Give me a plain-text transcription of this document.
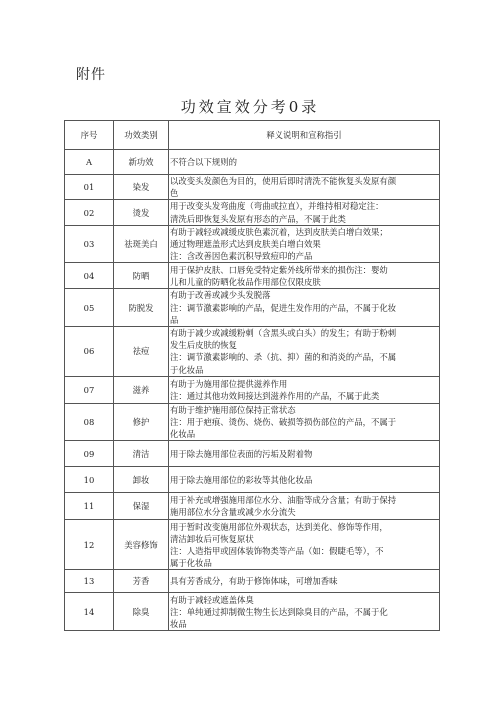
附件
功效宣效分考0录
序号	功效类别	释义说明和宣称指引
A	新功效	不符合以下规则的

01	染发	以改变头发颜色为目的，使用后即时清洗不能恢复头发原有颜
色

02	烫发	用于改变头发弯曲度（弯曲或拉直），并维持相对稳定注：
清洗后即恢复头发原有形态的产品，不属于此类

03	祛斑美白	有助于减轻或减缓皮肤色素沉着，达到皮肤美白增白效果；
通过物理遮盖形式达到皮肤美白增白效果
注：含改善因色素沉积导致痘印的产品

04	防晒	用于保护皮肤、口唇免受特定紫外线所带来的损伤注：婴幼
儿和儿童的防晒化妆品作用部位仅限皮肤

05	防脱发	有助于改善或减少头发脱落
注：调节激素影响的产品，促进生发作用的产品，不属于化妆
品

06	祛痘	有助于减少或减缓粉刺（含黑头或白头）的发生；有助于粉刺
发生后皮肤的恢复
注：调节激素影响的、杀（抗、抑）菌的和消炎的产品，不属
于化妆品

07	滋养	有助于为施用部位提供滋养作用
注：通过其他功效间接达到滋养作用的产品，不属于此类

08	修护	有助于维护施用部位保持正常状态
注：用于疤痕、烫伤、烧伤、破损等损伤部位的产品，不属于
化妆品

09	清洁	用于除去施用部位表面的污垢及附着物

10	卸妆	用于除去施用部位的彩妆等其他化妆品

11	保湿	用于补充或增强施用部位水分、油脂等成分含量；有助于保持
施用部位水分含量或减少水分流失

12	美容修饰	用于暂时改变施用部位外观状态，达到美化、修饰等作用，
清洁卸妆后可恢复原状
注：人造指甲或固体装饰物类等产品（如：假睫毛等），不
属于化妆品

13	芳香	具有芳香成分，有助于修饰体味，可增加香味

14	除臭	有助于减轻或遮盖体臭
注：单纯通过抑制微生物生长达到除臭目的产品，不属于化
妆品
